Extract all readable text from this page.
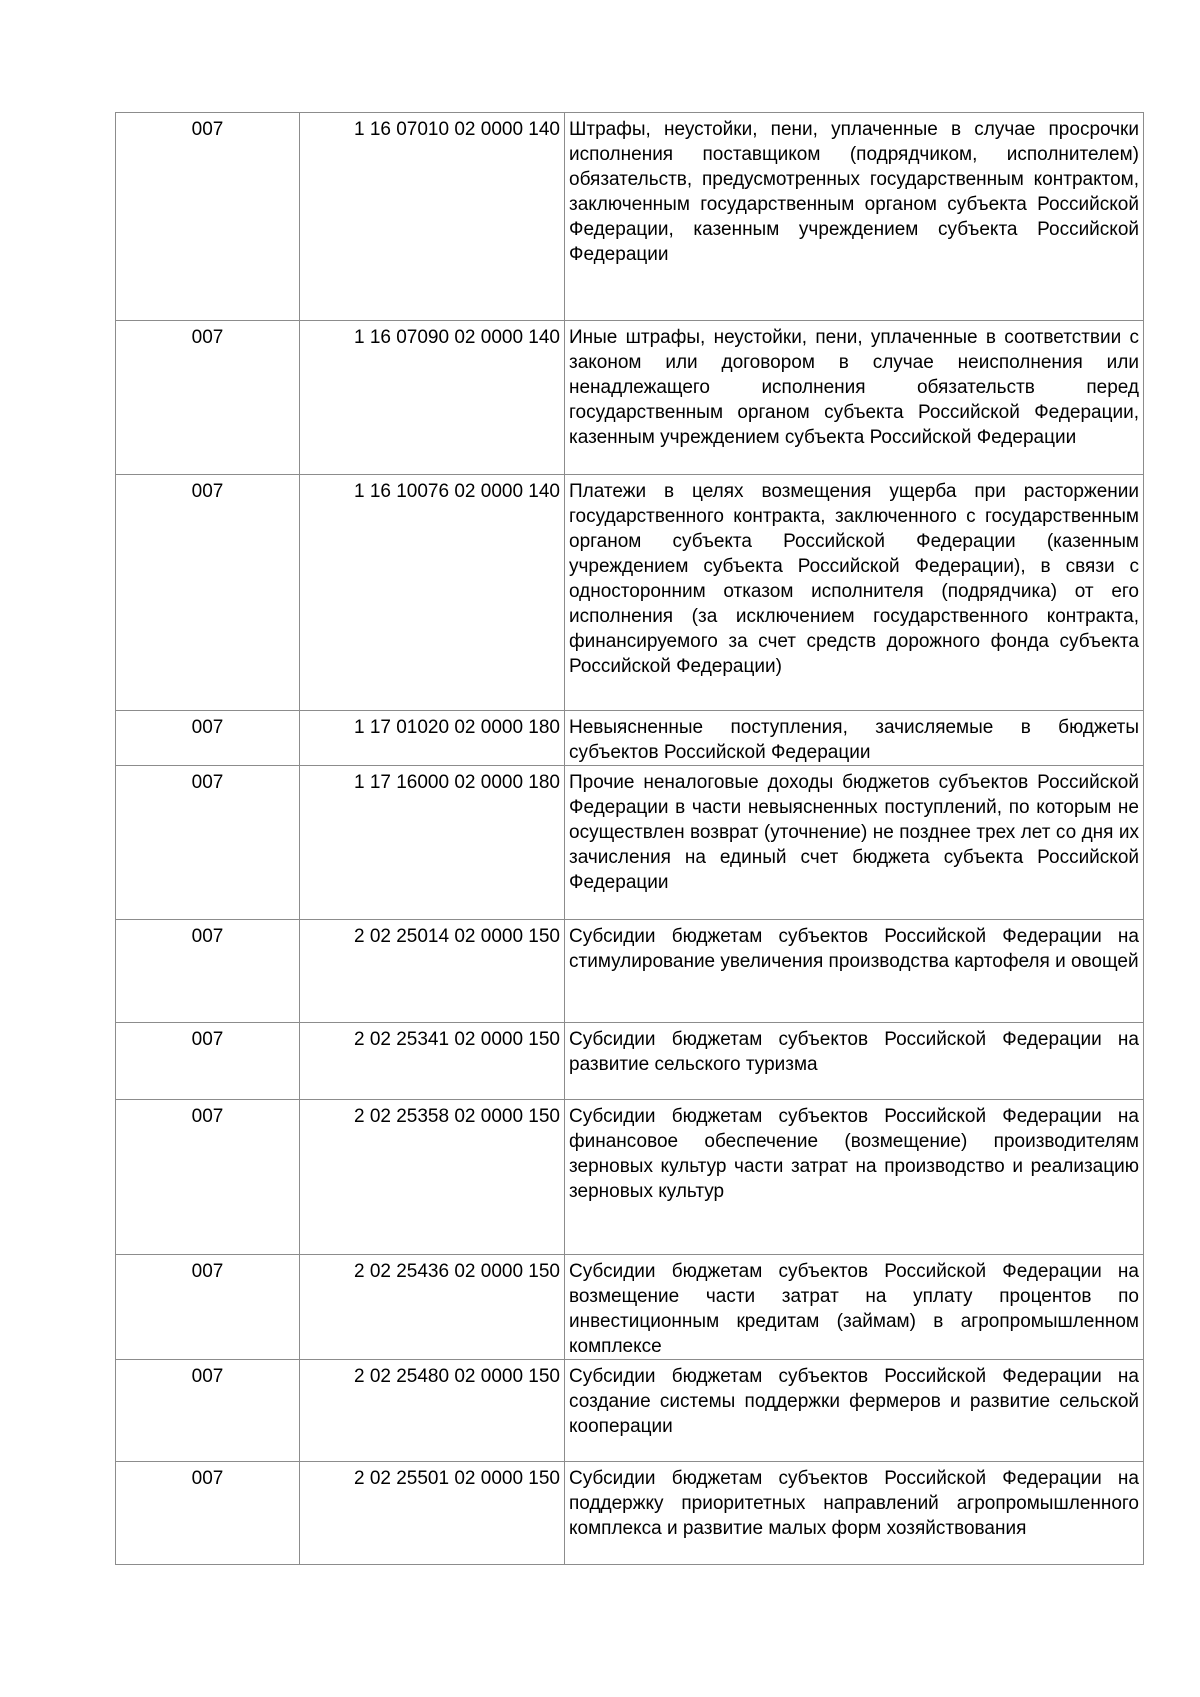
007	1 16 07010 02 0000 140	Штрафы, неустойки, пени, уплаченные в случае просрочки исполнения поставщиком (подрядчиком, исполнителем) обязательств, предусмотренных государственным контрактом, заключенным государственным органом субъекта Российской Федерации, казенным учреждением субъекта Российской Федерации
007	1 16 07090 02 0000 140	Иные штрафы, неустойки, пени, уплаченные в соответствии с законом или договором в случае неисполнения или ненадлежащего исполнения обязательств перед государственным органом субъекта Российской Федерации, казенным учреждением субъекта Российской Федерации
007	1 16 10076 02 0000 140	Платежи в целях возмещения ущерба при расторжении государственного контракта, заключенного с государственным органом субъекта Российской Федерации (казенным учреждением субъекта Российской Федерации), в связи с односторонним отказом исполнителя (подрядчика) от его исполнения (за исключением государственного контракта, финансируемого за счет средств дорожного фонда субъекта Российской Федерации)
007	1 17 01020 02 0000 180	Невыясненные поступления, зачисляемые в бюджеты субъектов Российской Федерации
007	1 17 16000 02 0000 180	Прочие неналоговые доходы бюджетов субъектов Российской Федерации в части невыясненных поступлений, по которым не осуществлен возврат (уточнение) не позднее трех лет со дня их зачисления на единый счет бюджета субъекта Российской Федерации
007	2 02 25014 02 0000 150	Субсидии бюджетам субъектов Российской Федерации на стимулирование увеличения производства картофеля и овощей
007	2 02 25341 02 0000 150	Субсидии бюджетам субъектов Российской Федерации на развитие сельского туризма
007	2 02 25358 02 0000 150	Субсидии бюджетам субъектов Российской Федерации на финансовое обеспечение (возмещение) производителям зерновых культур части затрат на производство и реализацию зерновых культур
007	2 02 25436 02 0000 150	Субсидии бюджетам субъектов Российской Федерации на возмещение части затрат на уплату процентов по инвестиционным кредитам (займам) в агропромышленном комплексе
007	2 02 25480 02 0000 150	Субсидии бюджетам субъектов Российской Федерации на создание системы поддержки фермеров и развитие сельской кооперации
007	2 02 25501 02 0000 150	Субсидии бюджетам субъектов Российской Федерации на поддержку приоритетных направлений агропромышленного комплекса и развитие малых форм хозяйствования
